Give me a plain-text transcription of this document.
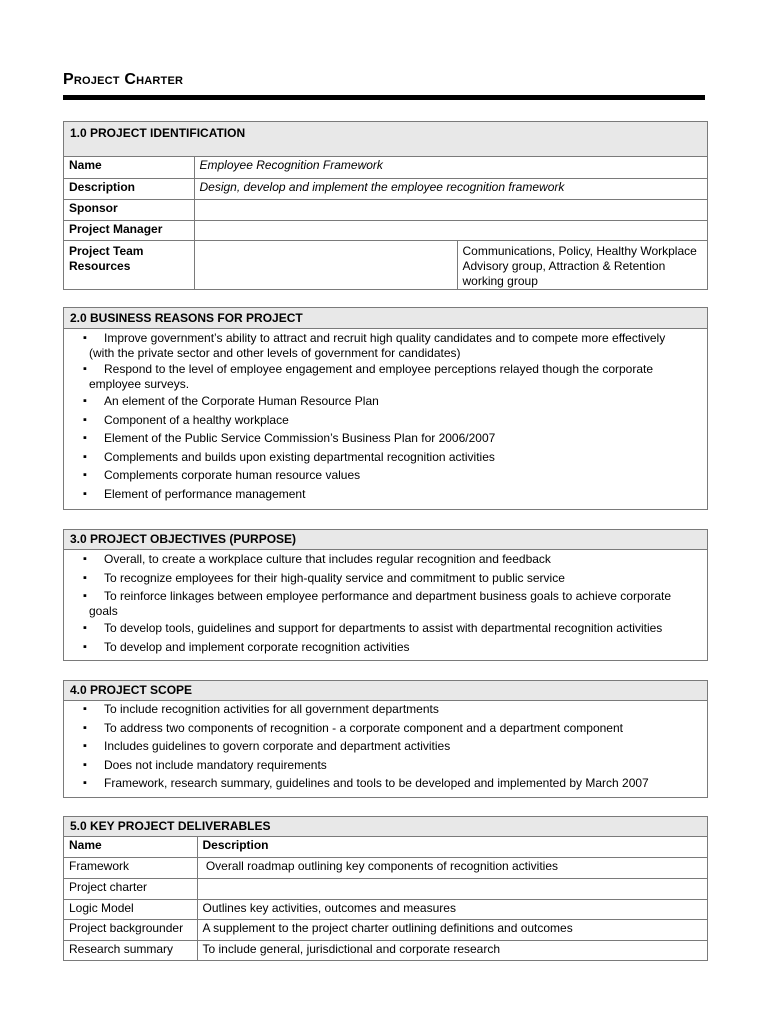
Project Charter
1.0 PROJECT IDENTIFICATION
Name	Employee Recognition Framework	
Description	Design, develop and implement the employee recognition framework	
Sponsor		
Project Manager		
Project Team Resources		Communications, Policy, Healthy Workplace Advisory group, Attraction & Retention working group
2.0 BUSINESS REASONS FOR PROJECT
▪ Improve government’s ability to attract and recruit high quality candidates and to compete more effectively
(with the private sector and other levels of government for candidates)
▪ Respond to the level of employee engagement and employee perceptions relayed though the corporate
employee surveys.
▪ An element of the Corporate Human Resource Plan
▪ Component of a healthy workplace
▪ Element of the Public Service Commission’s Business Plan for 2006/2007
▪ Complements and builds upon existing departmental recognition activities
▪ Complements corporate human resource values
▪ Element of performance management
3.0 PROJECT OBJECTIVES (PURPOSE)
▪ Overall, to create a workplace culture that includes regular recognition and feedback
▪ To recognize employees for their high-quality service and commitment to public service
▪ To reinforce linkages between employee performance and department business goals to achieve corporate
goals
▪ To develop tools, guidelines and support for departments to assist with departmental recognition activities
▪ To develop and implement corporate recognition activities
4.0 PROJECT SCOPE
▪ To include recognition activities for all government departments
▪ To address two components of recognition - a corporate component and a department component
▪ Includes guidelines to govern corporate and department activities
▪ Does not include mandatory requirements
▪ Framework, research summary, guidelines and tools to be developed and implemented by March 2007
5.0 KEY PROJECT DELIVERABLES
Name	Description
Framework	Overall roadmap outlining key components of recognition activities
Project charter	
Logic Model	Outlines key activities, outcomes and measures
Project backgrounder	A supplement to the project charter outlining definitions and outcomes
Research summary	To include general, jurisdictional and corporate research
